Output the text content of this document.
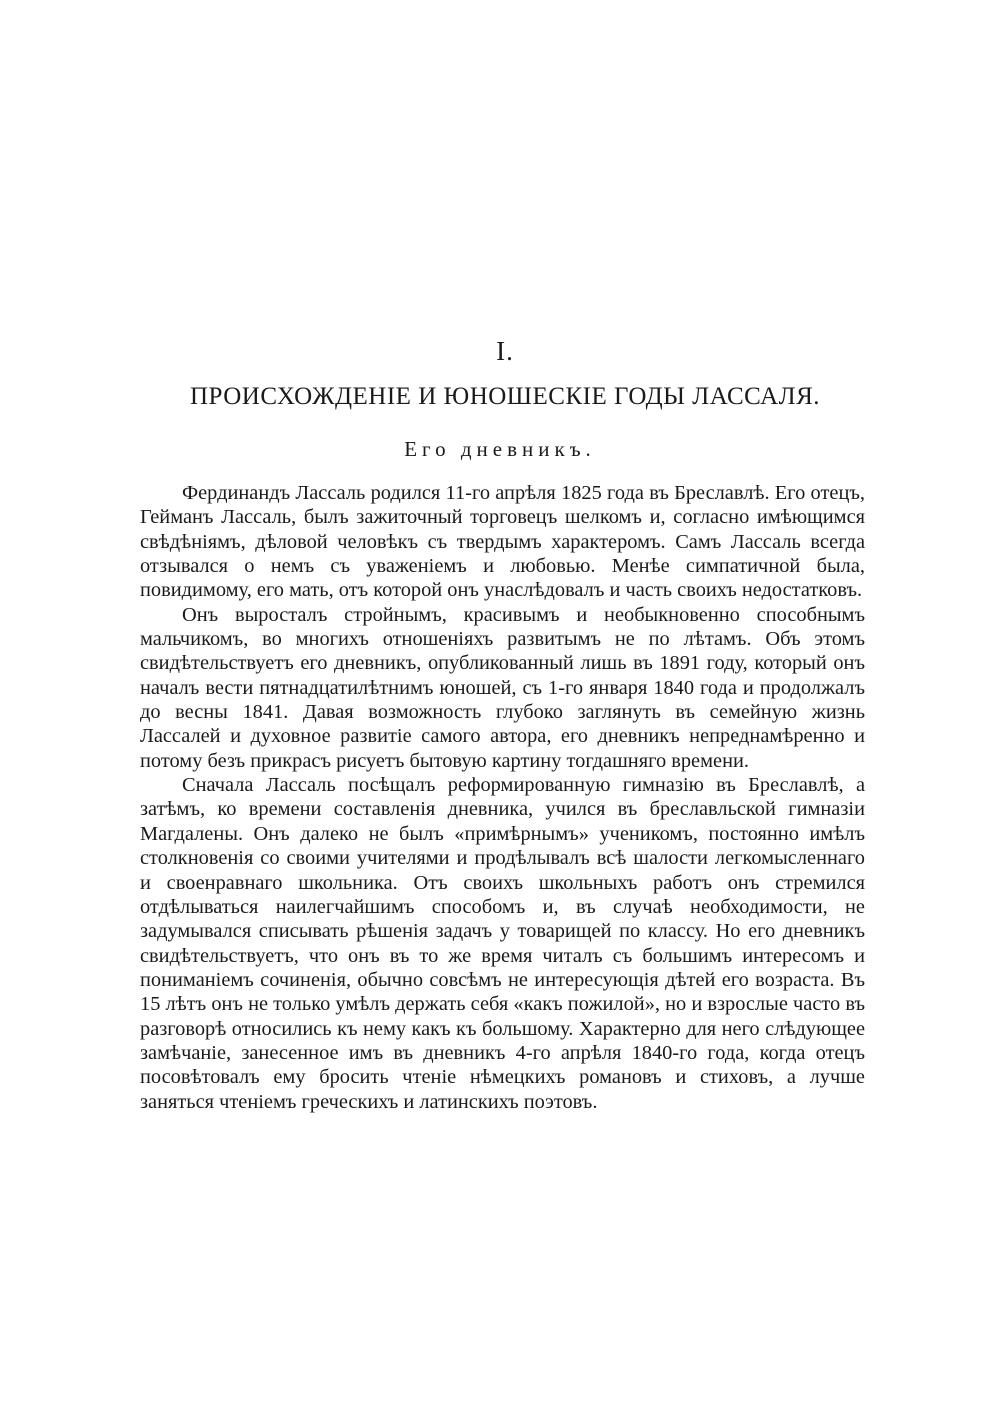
I.
ПРОИСХОЖДЕНІЕ И ЮНОШЕСКІЕ ГОДЫ ЛАССАЛЯ.
Его дневникъ.

Фердинандъ Лассаль родился 11-го апрѣля 1825 года въ Бреславлѣ. Его отецъ, Гейманъ Лассаль, былъ зажиточный торговецъ шелкомъ и, согласно имѣющимся свѣдѣніямъ, дѣловой человѣкъ съ твердымъ характеромъ. Самъ Лассаль всегда отзывался о немъ съ уваженіемъ и любовью. Менѣе симпатичной была, повидимому, его мать, отъ которой онъ унаслѣдовалъ и часть своихъ недостатковъ.

Онъ выросталъ стройнымъ, красивымъ и необыкновенно способнымъ мальчикомъ, во многихъ отношеніяхъ развитымъ не по лѣтамъ. Объ этомъ свидѣтельствуетъ его дневникъ, опубликованный лишь въ 1891 году, который онъ началъ вести пятнадцатилѣтнимъ юношей, съ 1-го января 1840 года и продолжалъ до весны 1841. Давая возможность глубоко заглянуть въ семейную жизнь Лассалей и духовное развитіе самого автора, его дневникъ непреднамѣренно и потому безъ прикрасъ рисуетъ бытовую картину тогдашняго времени.

Сначала Лассаль посѣщалъ реформированную гимназію въ Бреславлѣ, а затѣмъ, ко времени составленія дневника, учился въ бреславльской гимназіи Магдалены. Онъ далеко не былъ «примѣрнымъ» ученикомъ, постоянно имѣлъ столкновенія со своими учителями и продѣлывалъ всѣ шалости легкомысленнаго и своенравнаго школьника. Отъ своихъ школьныхъ работъ онъ стремился отдѣлываться наилегчайшимъ способомъ и, въ случаѣ необходимости, не задумывался списывать рѣшенія задачъ у товарищей по классу. Но его дневникъ свидѣтельствуетъ, что онъ въ то же время читалъ съ большимъ интересомъ и пониманіемъ сочиненія, обычно совсѣмъ не интересующія дѣтей его возраста. Въ 15 лѣтъ онъ не только умѣлъ держать себя «какъ пожилой», но и взрослые часто въ разговорѣ относились къ нему какъ къ большому. Характерно для него слѣдующее замѣчаніе, занесенное имъ въ дневникъ 4-го апрѣля 1840-го года, когда отецъ посовѣтовалъ ему бросить чтеніе нѣмецкихъ романовъ и стиховъ, а лучше заняться чтеніемъ греческихъ и латинскихъ поэтовъ.
